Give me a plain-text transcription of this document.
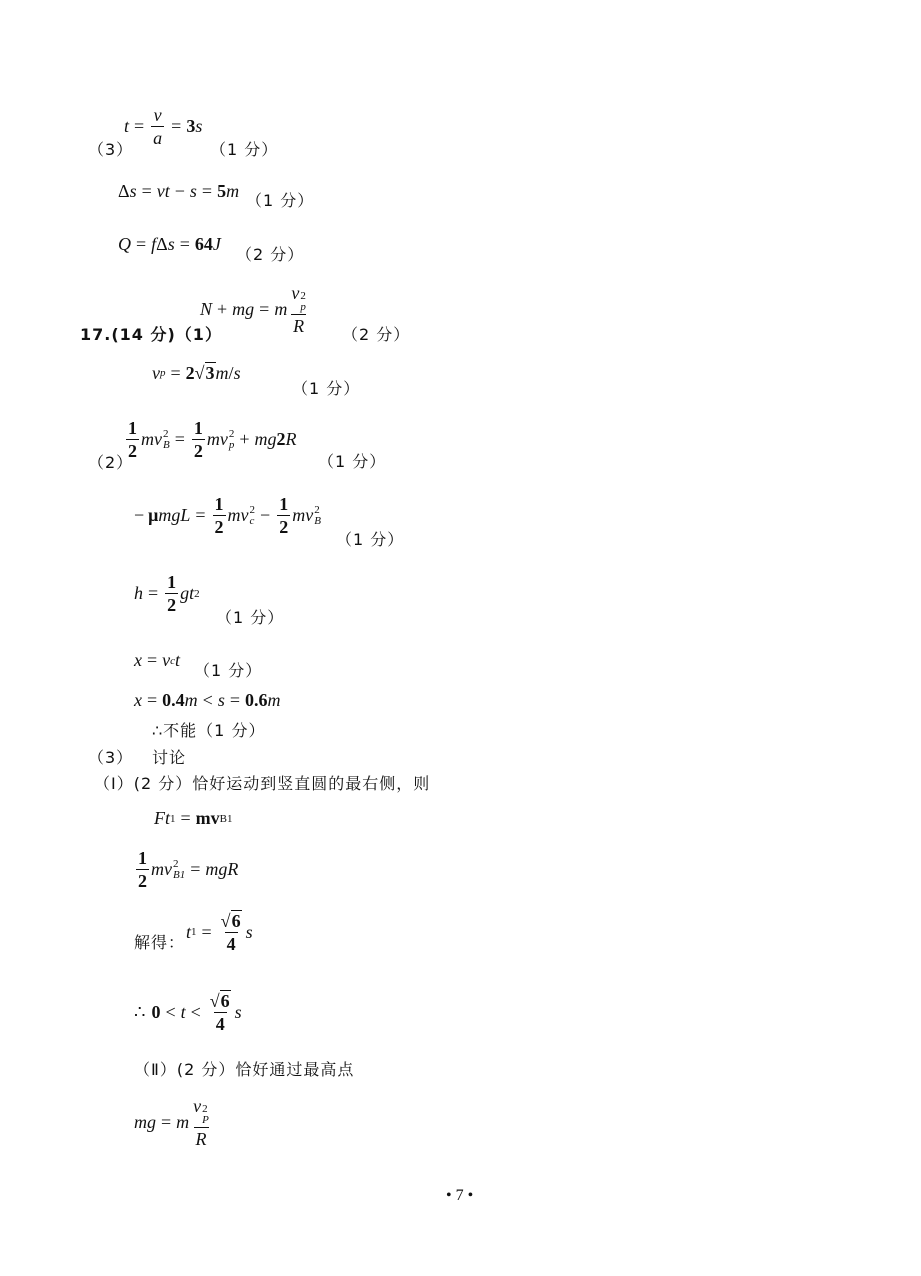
（3）
$t = \frac{v}{a} = 3$ s
（1 分）
Δ s = vt − s = 5 m （1 分）
Q = f Δ s = 64 J
（2 分）
17.(14 分)（1）
N + mg = m v 2
p
R （2 分）
v p = 2 √ 3 m / s
（1 分）
（2）
$\frac{1}{2}$ mv 2
$B = \frac{1}{2}$ mv 2
p + mg 2 R
（1 分）
− $\mu mgL = \frac{1}{2}$ mv 2
$c - \frac{1}{2}$ mv 2
B
（1 分）
$h = \frac{1}{2}$ gt 2
（1 分）
x = v c t
（1 分）
x = 0.4 m < s = 0.6 m
∴不能（1 分）
（3） 讨论
（Ⅰ）(2 分）恰好运动到竖直圆的最右侧，则
Ft 1 = mv B1
$\frac{1}{2}$ mv 2
B1 = mgR
解得：
t $1 = \frac{√ 6}{4}$ s
∴ $0 < t < \frac{√ 6}{4}$ s
（Ⅱ）(2 分）恰好通过最高点
mg = m v 2
P
R
• 7 •
